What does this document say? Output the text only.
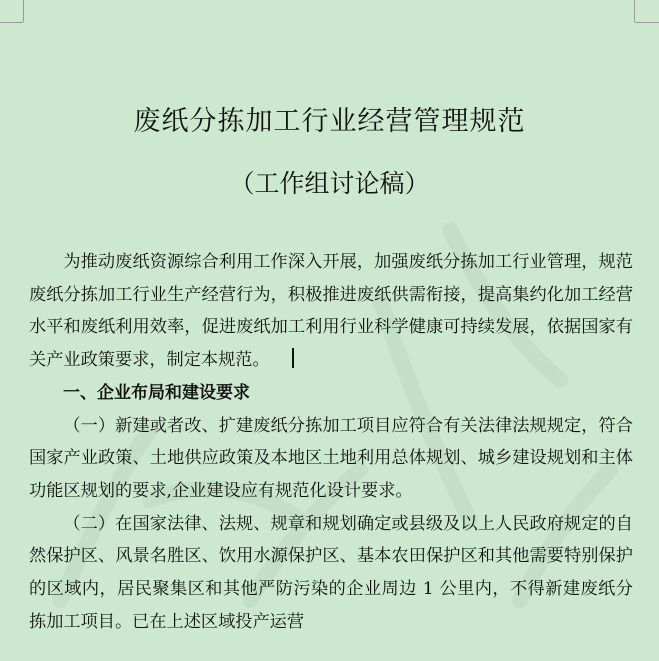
废纸分拣加工行业经营管理规范
（工作组讨论稿）

为推动废纸资源综合利用工作深入开展，加强废纸分拣加工行业管理，规范废纸分拣加工行业生产经营行为，积极推进废纸供需衔接，提高集约化加工经营水平和废纸利用效率，促进废纸加工利用行业科学健康可持续发展，依据国家有关产业政策要求，制定本规范。

一、企业布局和建设要求

（一）新建或者改、扩建废纸分拣加工项目应符合有关法律法规规定，符合国家产业政策、土地供应政策及本地区土地利用总体规划、城乡建设规划和主体功能区规划的要求,企业建设应有规范化设计要求。

（二）在国家法律、法规、规章和规划确定或县级及以上人民政府规定的自然保护区、风景名胜区、饮用水源保护区、基本农田保护区和其他需要特别保护的区域内，居民聚集区和其他严防污染的企业周边 1 公里内，不得新建废纸分拣加工项目。已在上述区域投产运营
